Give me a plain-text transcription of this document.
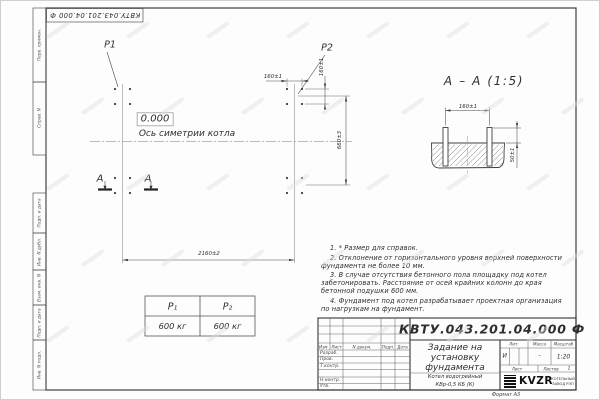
КВТУ.043.201.04.000 Ф
Перв. примен.
Справ. N
Подп. и дата
Инв. N дубл.
Взам. инв. N
Подп. и дата
Инв. N подл.
P1	P2
0.000
Ось симетрии котла
А	А
160±1
160±1
660±3
2160±2
А – А (1:5)
160±1
50±1
P₁	P₂
600 кг	600 кг
1. * Размер для справок.
2. Отклонение от горизонтального уровня верхней поверхности фундамента не более 10 мм.
3. В случае отсутствия бетонного пола площадку под котел забетонировать. Расстояние от осей крайних колонн до края бетонной подушки 600 мм.
4. Фундамент под котел разрабатывает проектная организация по нагрузкам на фундамент.
КВТУ.043.201.04.000 Ф
Изм. Лист	N докум.	Подп. Дата
Разраб.
Пров.
Т.контр.
Н.контр.
Утв.
Задание на
установку
фундамента
Котел водогрейный
КВр-0,5 КБ (К)
Лит.	Масса Масштаб
И	-	1:20
Лист	Листов 1
KVZR
КОТЕЛЬНЫЙ
ЗАВОД РЭП
Формат А3
